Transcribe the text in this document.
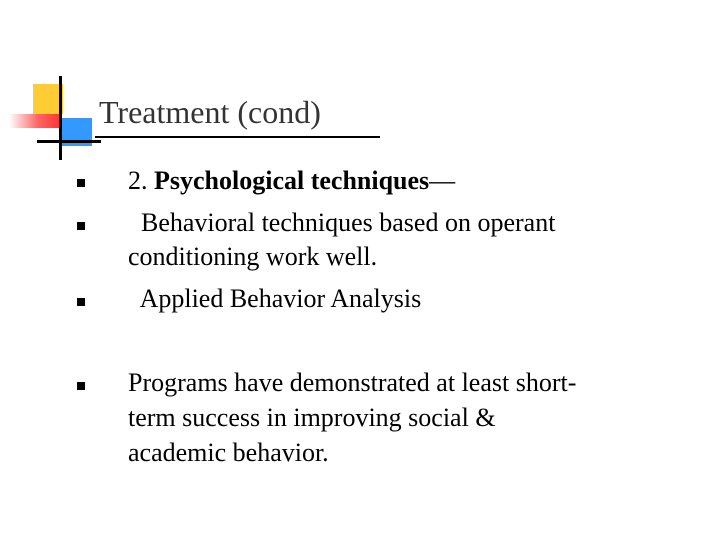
Treatment (cond)
2. Psychological techniques—
Behavioral techniques based on operant
conditioning work well.
Applied Behavior Analysis
Programs have demonstrated at least short-
term success in improving social &
academic behavior.
